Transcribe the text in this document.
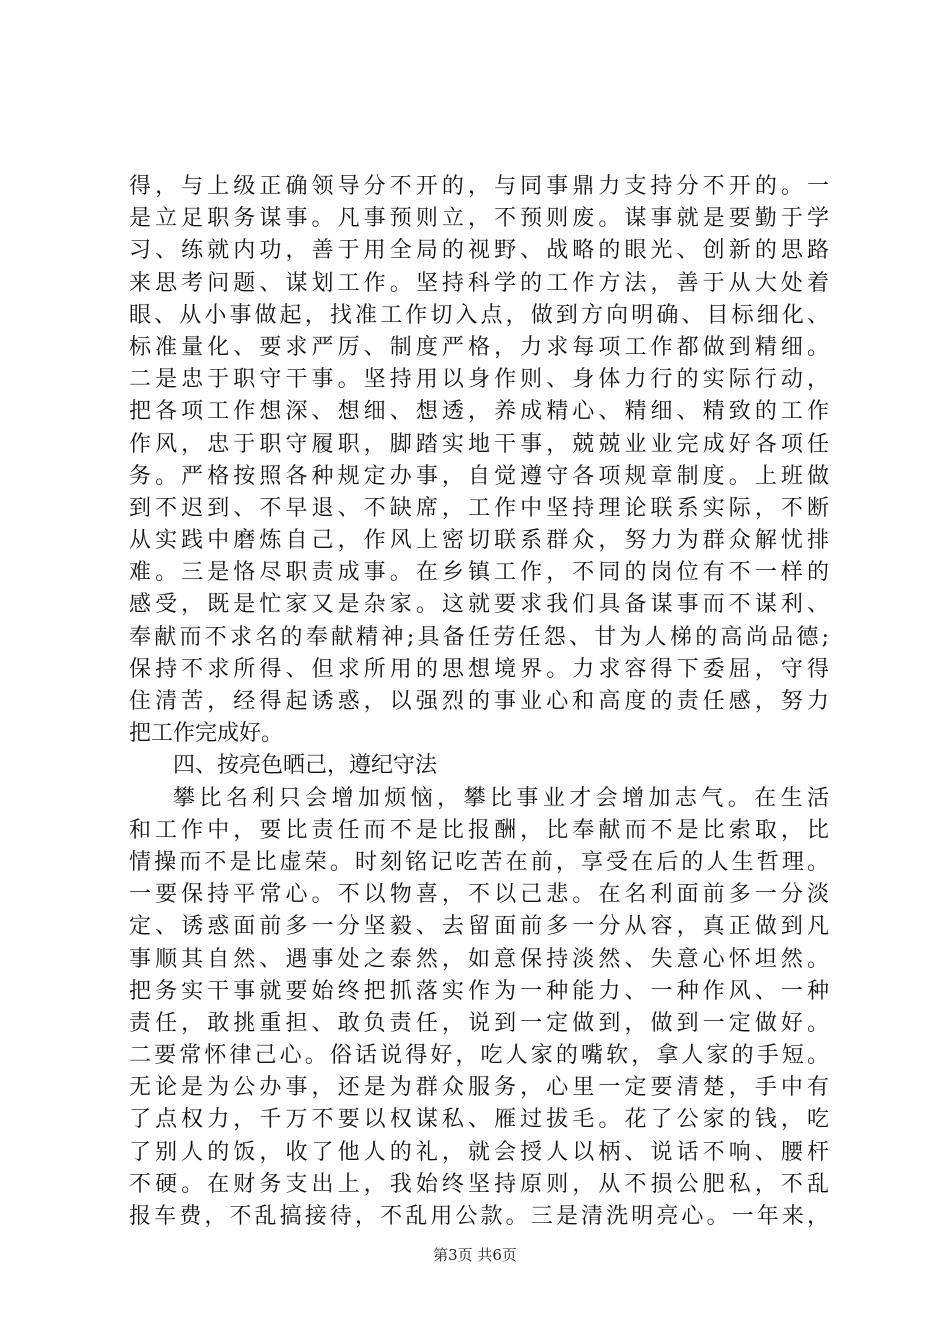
得，与上级正确领导分不开的，与同事鼎力支持分不开的。一
是立足职务谋事。凡事预则立，不预则废。谋事就是要勤于学
习、练就内功，善于用全局的视野、战略的眼光、创新的思路
来思考问题、谋划工作。坚持科学的工作方法，善于从大处着
眼、从小事做起，找准工作切入点，做到方向明确、目标细化、
标准量化、要求严厉、制度严格，力求每项工作都做到精细。
二是忠于职守干事。坚持用以身作则、身体力行的实际行动，
把各项工作想深、想细、想透，养成精心、精细、精致的工作
作风，忠于职守履职，脚踏实地干事，兢兢业业完成好各项任
务。严格按照各种规定办事，自觉遵守各项规章制度。上班做
到不迟到、不早退、不缺席，工作中坚持理论联系实际，不断
从实践中磨炼自己，作风上密切联系群众，努力为群众解忧排
难。三是恪尽职责成事。在乡镇工作，不同的岗位有不一样的
感受，既是忙家又是杂家。这就要求我们具备谋事而不谋利、
奉献而不求名的奉献精神;具备任劳任怨、甘为人梯的高尚品德;
保持不求所得、但求所用的思想境界。力求容得下委屈，守得
住清苦，经得起诱惑，以强烈的事业心和高度的责任感，努力
把工作完成好。
四、按亮色晒己，遵纪守法
攀比名利只会增加烦恼，攀比事业才会增加志气。在生活
和工作中，要比责任而不是比报酬，比奉献而不是比索取，比
情操而不是比虚荣。时刻铭记吃苦在前，享受在后的人生哲理。
一要保持平常心。不以物喜，不以己悲。在名利面前多一分淡
定、诱惑面前多一分坚毅、去留面前多一分从容，真正做到凡
事顺其自然、遇事处之泰然，如意保持淡然、失意心怀坦然。
把务实干事就要始终把抓落实作为一种能力、一种作风、一种
责任，敢挑重担、敢负责任，说到一定做到，做到一定做好。
二要常怀律己心。俗话说得好，吃人家的嘴软，拿人家的手短。
无论是为公办事，还是为群众服务，心里一定要清楚，手中有
了点权力，千万不要以权谋私、雁过拔毛。花了公家的钱，吃
了别人的饭，收了他人的礼，就会授人以柄、说话不响、腰杆
不硬。在财务支出上，我始终坚持原则，从不损公肥私，不乱
报车费，不乱搞接待，不乱用公款。三是清洗明亮心。一年来，
第3页 共6页
